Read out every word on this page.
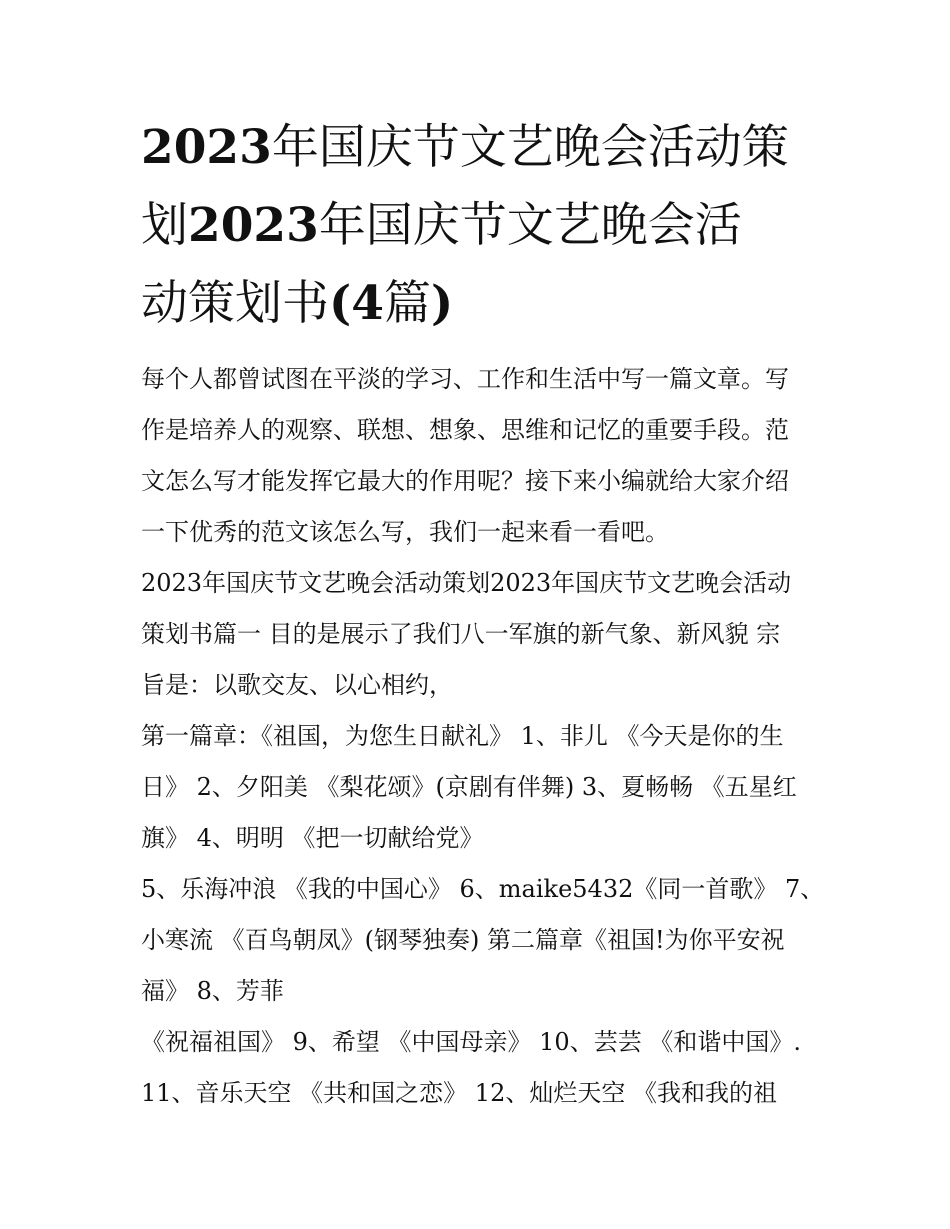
2023年国庆节文艺晚会活动策
划2023年国庆节文艺晚会活
动策划书(4篇)
每个人都曾试图在平淡的学习、工作和生活中写一篇文章。写
作是培养人的观察、联想、想象、思维和记忆的重要手段。范
文怎么写才能发挥它最大的作用呢？接下来小编就给大家介绍
一下优秀的范文该怎么写，我们一起来看一看吧。
2023年国庆节文艺晚会活动策划2023年国庆节文艺晚会活动
策划书篇一 目的是展示了我们八一军旗的新气象、新风貌 宗
旨是：以歌交友、以心相约，
第一篇章：《祖国，为您生日献礼》 1、非儿 《今天是你的生
日》 2、夕阳美 《梨花颂》(京剧有伴舞) 3、夏畅畅 《五星红
旗》 4、明明 《把一切献给党》
5、乐海冲浪 《我的中国心》 6、maike5432《同一首歌》 7、
小寒流 《百鸟朝凤》(钢琴独奏) 第二篇章《祖国!为你平安祝
福》 8、芳菲
《祝福祖国》 9、希望 《中国母亲》 10、芸芸 《和谐中国》.
11、音乐天空 《共和国之恋》 12、灿烂天空 《我和我的祖
